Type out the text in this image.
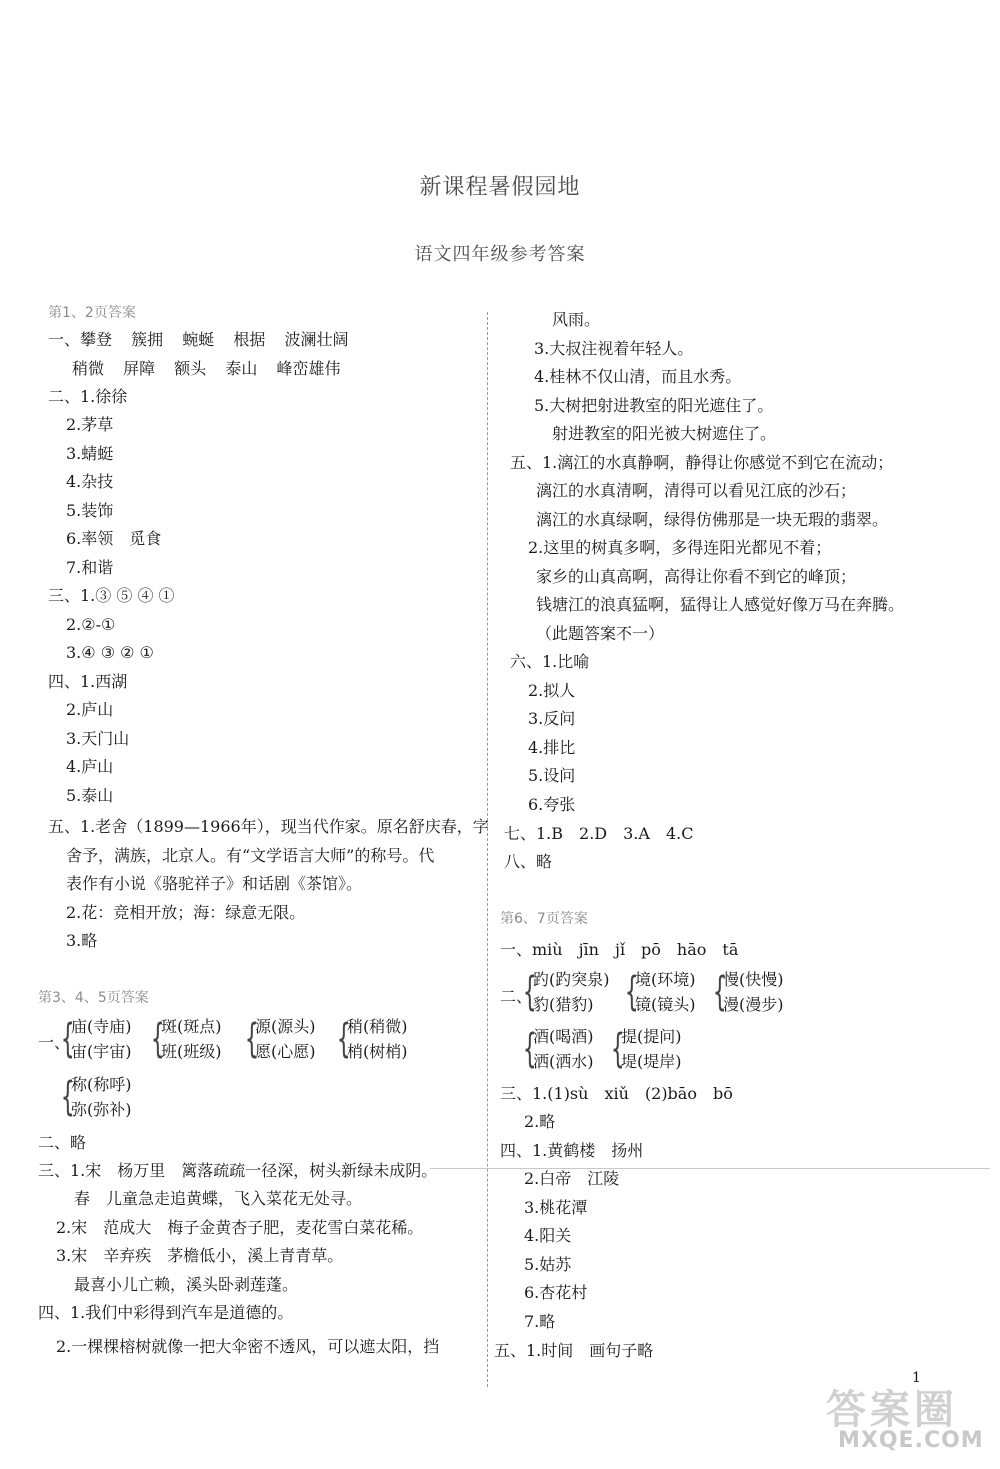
新课程暑假园地
语文四年级参考答案
第1、2页答案
一、攀登 簇拥 蜿蜒 根据 波澜壮阔
稍微 屏障 额头 泰山 峰峦雄伟
二、1.徐徐
2.茅草
3.蜻蜓
4.杂技
5.装饰
6.率领　觅食
7.和谐
三、1.③ ⑤ ④ ①
2.②-①
3.④ ③ ② ①
四、1.西湖
2.庐山
3.天门山
4.庐山
5.泰山
五、1.老舍（1899—1966年），现当代作家。原名舒庆春，字
舍予，满族，北京人。有“文学语言大师”的称号。代
表作有小说《骆驼祥子》和话剧《茶馆》。
2.花：竞相开放；海：绿意无限。
3.略
第3、4、5页答案
一、
{
庙(寺庙)
宙(宇宙) {
斑(斑点)
班(班级) {
源(源头)
愿(心愿) {
稍(稍微)
梢(树梢)
{
称(称呼)
弥(弥补)
二、略
三、1.宋　杨万里　篱落疏疏一径深，树头新绿未成阴。
春　儿童急走追黄蝶，飞入菜花无处寻。
2.宋　范成大　梅子金黄杏子肥，麦花雪白菜花稀。
3.宋　辛弃疾　茅檐低小，溪上青青草。
最喜小儿亡赖，溪头卧剥莲蓬。
四、1.我们中彩得到汽车是道德的。
2.一棵棵榕树就像一把大伞密不透风，可以遮太阳，挡
风雨。
3.大叔注视着年轻人。
4.桂林不仅山清，而且水秀。
5.大树把射进教室的阳光遮住了。
射进教室的阳光被大树遮住了。
五、1.漓江的水真静啊，静得让你感觉不到它在流动；
漓江的水真清啊，清得可以看见江底的沙石；
漓江的水真绿啊，绿得仿佛那是一块无瑕的翡翠。
2.这里的树真多啊，多得连阳光都见不着；
家乡的山真高啊，高得让你看不到它的峰顶；
钱塘江的浪真猛啊，猛得让人感觉好像万马在奔腾。
（此题答案不一）
六、1.比喻
2.拟人
3.反问
4.排比
5.设问
6.夸张
七、1.B　2.D　3.A　4.C
八、略
第6、7页答案
一、miù　jīn　jǐ　pō　hāo　tā
二、
{
趵(趵突泉)
豹(猎豹) {
境(环境)
镜(镜头) {
慢(快慢)
漫(漫步)
{
酒(喝酒)
洒(洒水) {
提(提问)
堤(堤岸)
三、1.(1)sù　xiǔ　(2)bāo　bō
2.略
四、1.黄鹤楼　扬州
2.白帝　江陵
3.桃花潭
4.阳关
5.姑苏
6.杏花村
7.略
五、1.时间　画句子略
1
答案圈
MXQE.COM
